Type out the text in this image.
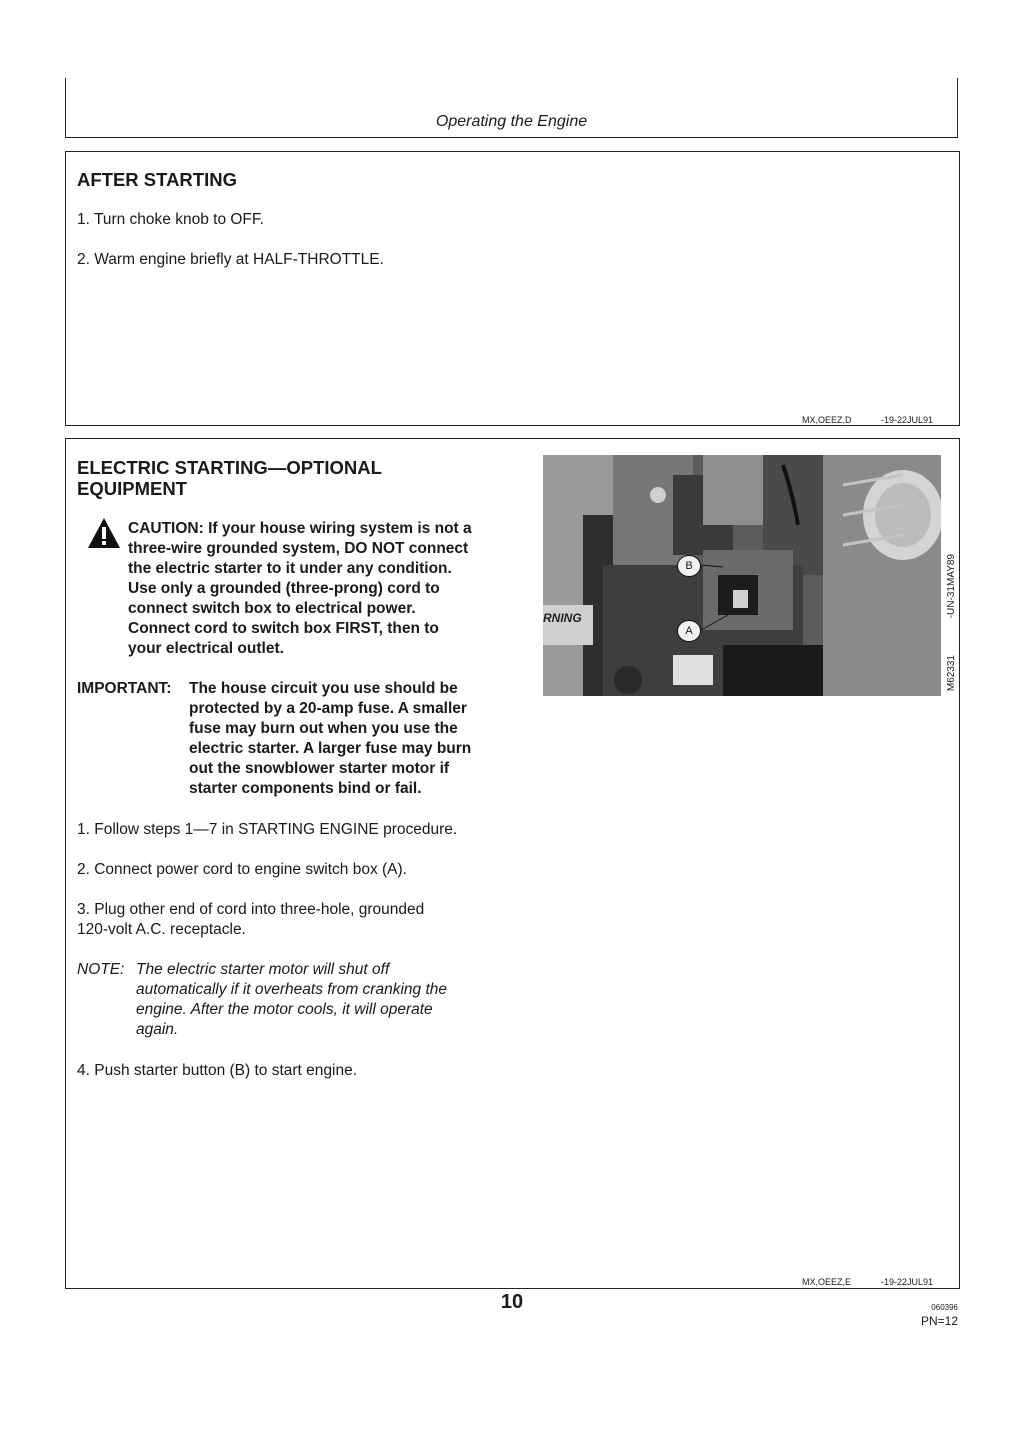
Operating the Engine
AFTER STARTING
1. Turn choke knob to OFF.
2. Warm engine briefly at HALF-THROTTLE.
MX,OEEZ,D	-19-22JUL91
ELECTRIC STARTING—OPTIONAL
EQUIPMENT
CAUTION: If your house wiring system is not a
three-wire grounded system, DO NOT connect
the electric starter to it under any condition.
Use only a grounded (three-prong) cord to
connect switch box to electrical power.
Connect cord to switch box FIRST, then to
your electrical outlet.
IMPORTANT: The house circuit you use should be
protected by a 20-amp fuse. A smaller
fuse may burn out when you use the
electric starter. A larger fuse may burn
out the snowblower starter motor if
starter components bind or fail.
1. Follow steps 1—7 in STARTING ENGINE procedure.
2. Connect power cord to engine switch box (A).
3. Plug other end of cord into three-hole, grounded
120-volt A.C. receptacle.
NOTE: The electric starter motor will shut off
automatically if it overheats from cranking the
engine. After the motor cools, it will operate
again.
4. Push starter button (B) to start engine.
B
A
RNING	-UN-31MAY89
M62331
MX,OEEZ,E	-19-22JUL91
10	060396
PN=12
